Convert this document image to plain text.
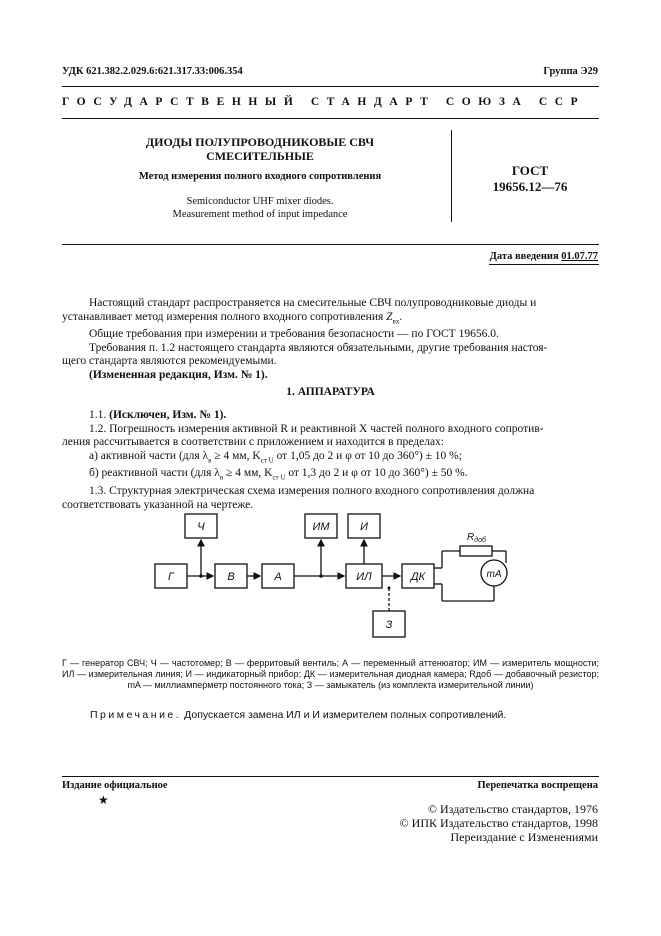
УДК 621.382.2.029.6:621.317.33:006.354	Группа Э29
ГОСУДАРСТВЕННЫЙ СТАНДАРТ СОЮЗА ССР
ДИОДЫ ПОЛУПРОВОДНИКОВЫЕ СВЧ
СМЕСИТЕЛЬНЫЕ
Метод измерения полного входного сопротивления
Semiconductor UHF mixer diodes.
Measurement method of input impedance
ГОСТ
19656.12—76
Дата введения 01.07.77

Настоящий стандарт распространяется на смесительные СВЧ полупроводниковые диоды и

устанавливает метод измерения полного входного сопротивления $Z_{вх}$.

Общие требования при измерении и требования безопасности — по ГОСТ 19656.0.

Требования п. 1.2 настоящего стандарта являются обязательными, другие требования настоя-

щего стандарта являются рекомендуемыми.

(Измененная редакция, Изм. № 1).

1. АППАРАТУРА

1.1. (Исключен, Изм. № 1).

1.2. Погрешность измерения активной R и реактивной X частей полного входного сопротив-

ления рассчитывается в соответствии с приложением и находится в пределах:

а) активной части (для $\lambda_в \ge 4$ мм, $K_{ст U}$ от 1,05 до 2 и φ от 10 до 360°) ± 10 %;

б) реактивной части (для $\lambda_в \ge 4$ мм, $K_{ст U}$ от 1,3 до 2 и φ от 10 до 360°) ± 50 %.

1.3. Структурная электрическая схема измерения полного входного сопротивления должна

соответствовать указанной на чертеже.

Г
Ч
В	А
ИМ	И
ИЛ	ДК
З
mA
$R_{доб}$
Г — генератор СВЧ; Ч — частотомер; В — ферритовый вентиль; А — переменный аттенюатор; ИМ — измеритель мощности;
ИЛ — измерительная линия; И — индикаторный прибор; ДК — измерительная диодная камера; Rдоб — добавочный резистор;
mA — миллиамперметр постоянного тока; З — замыкатель (из комплекта измерительной линии)
Примечание. Допускается замена ИЛ и И измерителем полных сопротивлений.
Издание официальное	Перепечатка воспрещена
★
© Издательство стандартов, 1976
© ИПК Издательство стандартов, 1998
Переиздание с Изменениями
